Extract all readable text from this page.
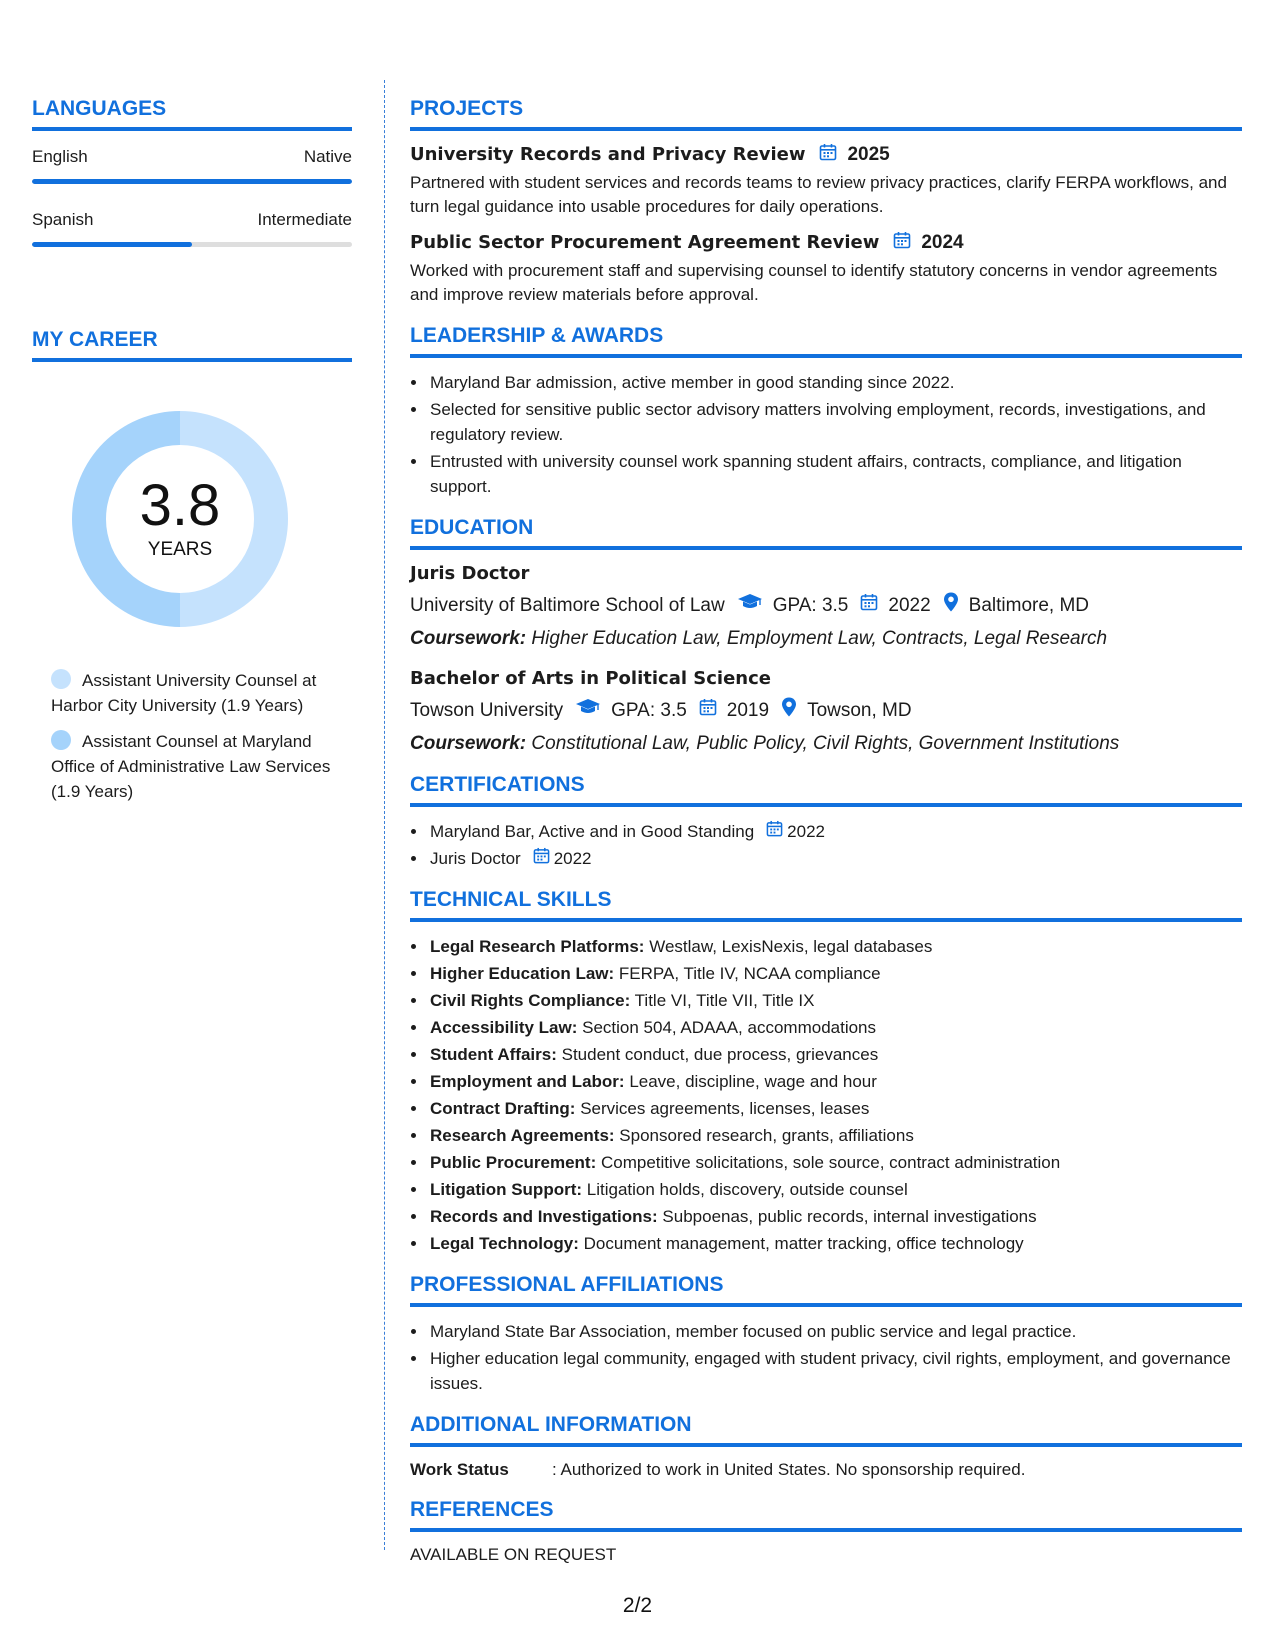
LANGUAGES
English	Native
Spanish	Intermediate
MY CAREER
3.8
YEARS
Assistant University Counsel at Harbor City University (1.9 Years)
Assistant Counsel at Maryland Office of Administrative Law Services (1.9 Years)
PROJECTS
University Records and Privacy Review 2025
Partnered with student services and records teams to review privacy practices, clarify FERPA workflows, and turn legal guidance into usable procedures for daily operations.
Public Sector Procurement Agreement Review 2024
Worked with procurement staff and supervising counsel to identify statutory concerns in vendor agreements and improve review materials before approval.
LEADERSHIP & AWARDS
• Maryland Bar admission, active member in good standing since 2022.
• Selected for sensitive public sector advisory matters involving employment, records, investigations, and regulatory review.
• Entrusted with university counsel work spanning student affairs, contracts, compliance, and litigation support.
EDUCATION
Juris Doctor
University of Baltimore School of Law	GPA: 3.5 2022 Baltimore, MD
Coursework: Higher Education Law, Employment Law, Contracts, Legal Research
Bachelor of Arts in Political Science
Towson University	GPA: 3.5 2019 Towson, MD
Coursework: Constitutional Law, Public Policy, Civil Rights, Government Institutions
CERTIFICATIONS
• Maryland Bar, Active and in Good Standing 2022
• Juris Doctor 2022
TECHNICAL SKILLS
• Legal Research Platforms: Westlaw, LexisNexis, legal databases
• Higher Education Law: FERPA, Title IV, NCAA compliance
• Civil Rights Compliance: Title VI, Title VII, Title IX
• Accessibility Law: Section 504, ADAAA, accommodations
• Student Affairs: Student conduct, due process, grievances
• Employment and Labor: Leave, discipline, wage and hour
• Contract Drafting: Services agreements, licenses, leases
• Research Agreements: Sponsored research, grants, affiliations
• Public Procurement: Competitive solicitations, sole source, contract administration
• Litigation Support: Litigation holds, discovery, outside counsel
• Records and Investigations: Subpoenas, public records, internal investigations
• Legal Technology: Document management, matter tracking, office technology
PROFESSIONAL AFFILIATIONS
• Maryland State Bar Association, member focused on public service and legal practice.
• Higher education legal community, engaged with student privacy, civil rights, employment, and governance issues.
ADDITIONAL INFORMATION
Work Status	: Authorized to work in United States. No sponsorship required.
REFERENCES
AVAILABLE ON REQUEST
2/2
